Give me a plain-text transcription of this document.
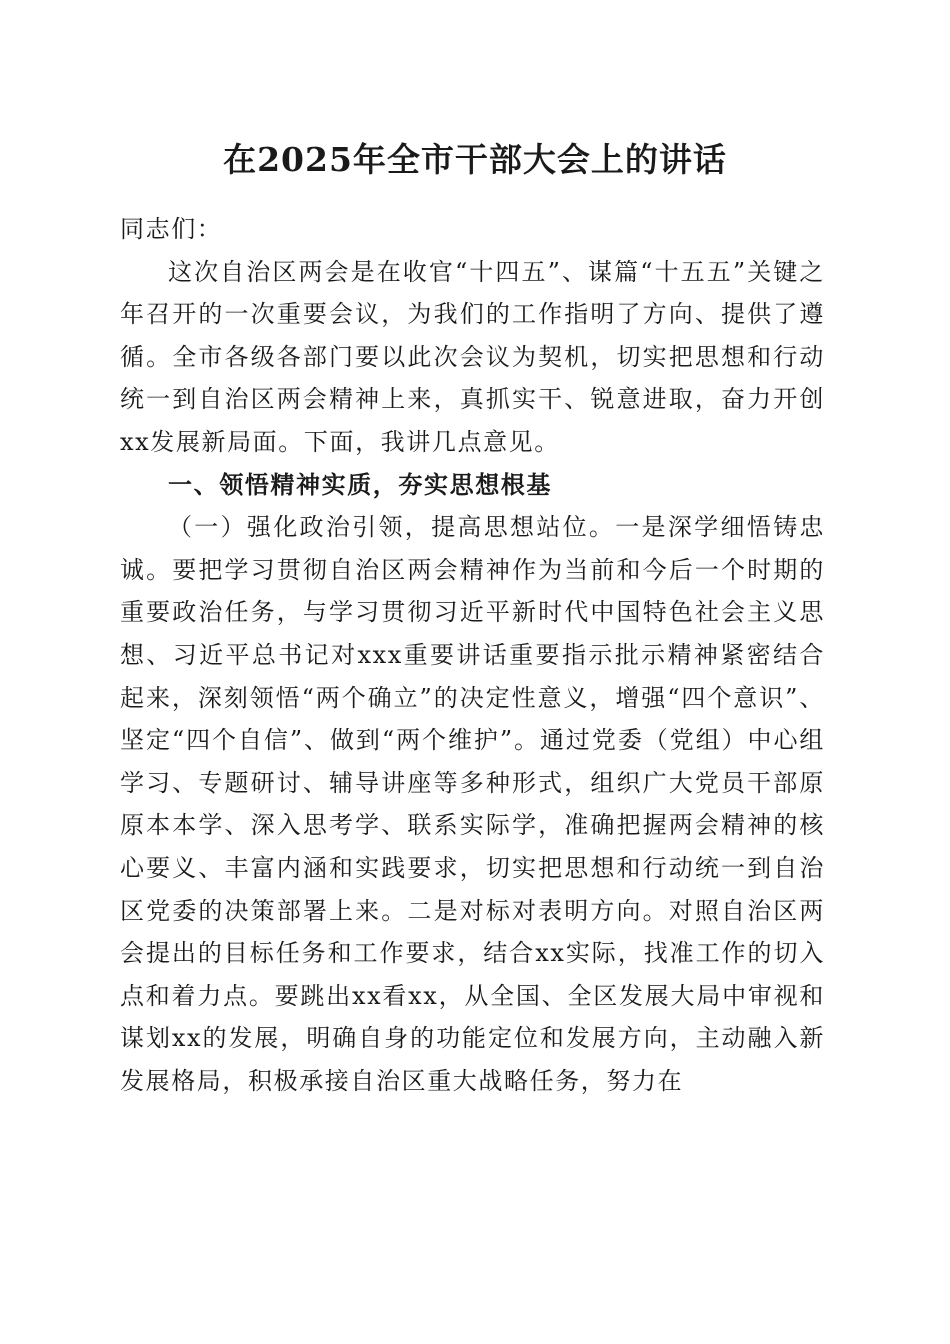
在2025年全市干部大会上的讲话

同志们：

这次自治区两会是在收官“十四五”、谋篇“十五五”关键之年召开的一次重要会议，为我们的工作指明了方向、提供了遵循。全市各级各部门要以此次会议为契机，切实把思想和行动统一到自治区两会精神上来，真抓实干、锐意进取，奋力开创xx发展新局面。下面，我讲几点意见。

一、领悟精神实质，夯实思想根基

（一）强化政治引领，提高思想站位。一是深学细悟铸忠诚。要把学习贯彻自治区两会精神作为当前和今后一个时期的重要政治任务，与学习贯彻习近平新时代中国特色社会主义思想、习近平总书记对xxx重要讲话重要指示批示精神紧密结合起来，深刻领悟“两个确立”的决定性意义，增强“四个意识”、坚定“四个自信”、做到“两个维护”。通过党委（党组）中心组学习、专题研讨、辅导讲座等多种形式，组织广大党员干部原原本本学、深入思考学、联系实际学，准确把握两会精神的核心要义、丰富内涵和实践要求，切实把思想和行动统一到自治区党委的决策部署上来。二是对标对表明方向。对照自治区两会提出的目标任务和工作要求，结合xx实际，找准工作的切入点和着力点。要跳出xx看xx，从全国、全区发展大局中审视和谋划xx的发展，明确自身的功能定位和发展方向，主动融入新发展格局，积极承接自治区重大战略任务，努力在
